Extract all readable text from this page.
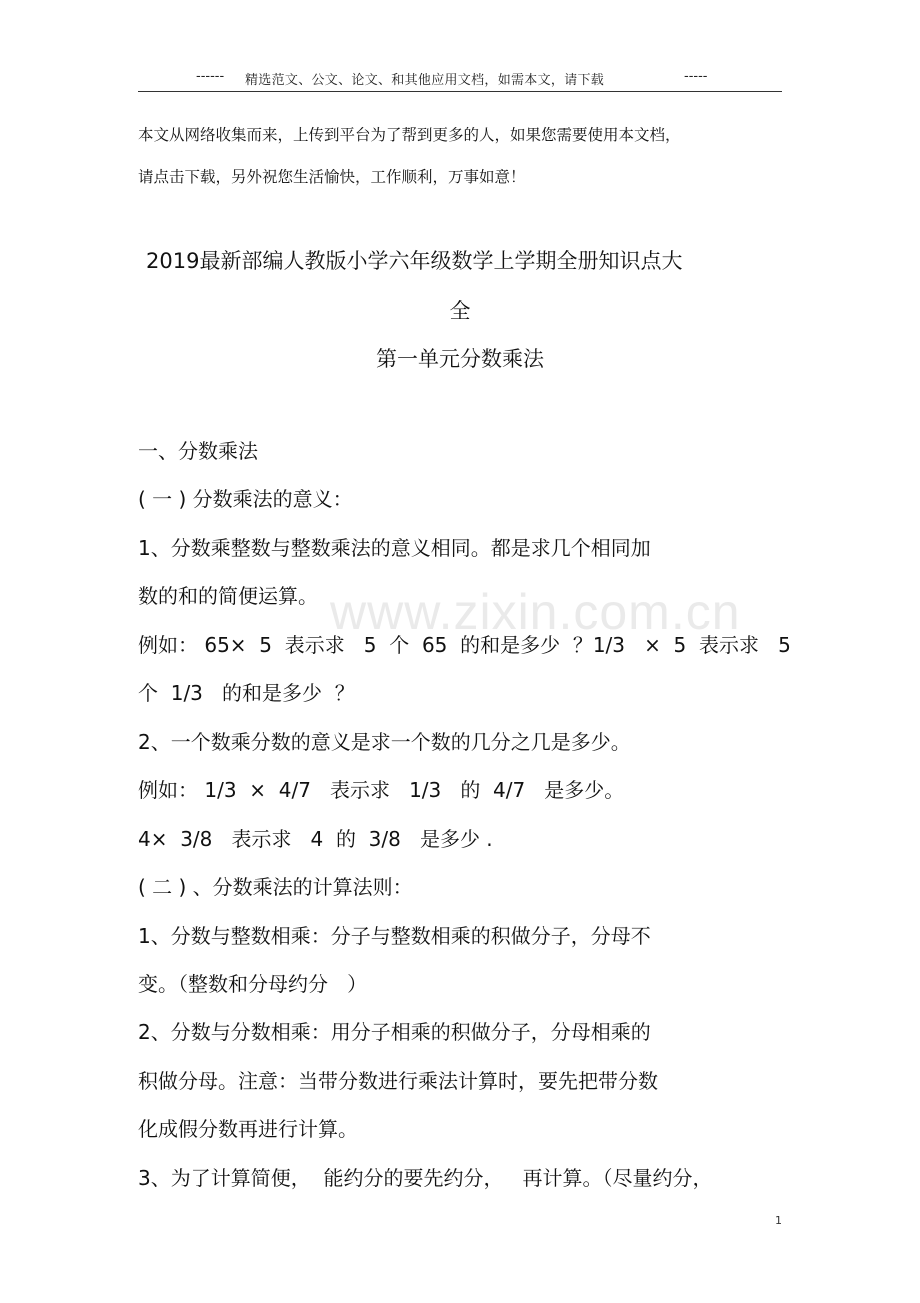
www.zixin.com.cn
------ 精选范文、公文、论文、和其他应用文档，如需本文，请下载	-----
本文从网络收集而来，上传到平台为了帮到更多的人，如果您需要使用本文档，
请点击下载，另外祝您生活愉快，工作顺利，万事如意！
2019最新部编人教版小学六年级数学上学期全册知识点大
全
第一单元分数乘法
一、分数乘法
( 一 ) 分数乘法的意义：
1、分数乘整数与整数乘法的意义相同。都是求几个相同加
数的和的简便运算。
例如： 65×  5  表示求   5  个  65  的和是多少  ？1/3   ×  5  表示求   5
个  1/3   的和是多少  ？
2、一个数乘分数的意义是求一个数的几分之几是多少。
例如： 1/3  ×  4/7   表示求   1/3   的  4/7   是多少。
4×  3/8   表示求   4  的  3/8   是多少 .
( 二 ) 、分数乘法的计算法则：
1、分数与整数相乘：分子与整数相乘的积做分子，分母不
变。（整数和分母约分   ）
2、分数与分数相乘：用分子相乘的积做分子，分母相乘的
积做分母。注意：当带分数进行乘法计算时，要先把带分数
化成假分数再进行计算。
3、为了计算简便，  能约分的要先约分，   再计算。（尽量约分，
1
